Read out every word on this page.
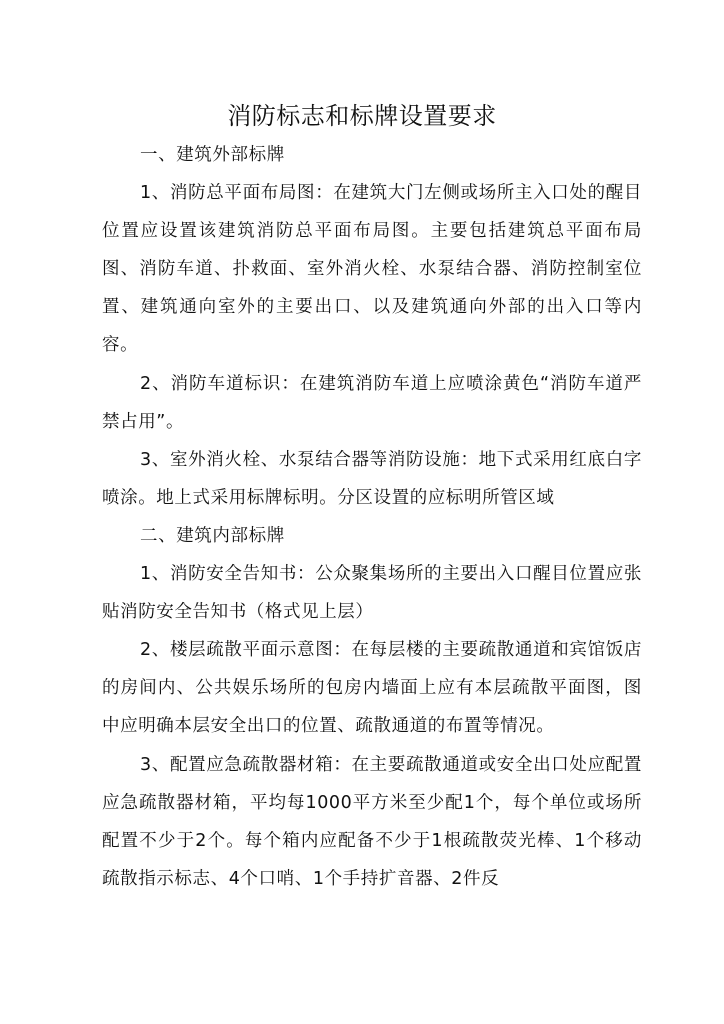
消防标志和标牌设置要求

一、建筑外部标牌

1、消防总平面布局图：在建筑大门左侧或场所主入口处的醒目位置应设置该建筑消防总平面布局图。主要包括建筑总平面布局图、消防车道、扑救面、室外消火栓、水泵结合器、消防控制室位置、建筑通向室外的主要出口、以及建筑通向外部的出入口等内容。

2、消防车道标识：在建筑消防车道上应喷涂黄色“消防车道严禁占用”。

3、室外消火栓、水泵结合器等消防设施：地下式采用红底白字喷涂。地上式采用标牌标明。分区设置的应标明所管区域

二、建筑内部标牌

1、消防安全告知书：公众聚集场所的主要出入口醒目位置应张贴消防安全告知书（格式见上层）

2、楼层疏散平面示意图：在每层楼的主要疏散通道和宾馆饭店的房间内、公共娱乐场所的包房内墙面上应有本层疏散平面图，图中应明确本层安全出口的位置、疏散通道的布置等情况。

3、配置应急疏散器材箱：在主要疏散通道或安全出口处应配置应急疏散器材箱，平均每1000平方米至少配1个，每个单位或场所配置不少于2个。每个箱内应配备不少于1根疏散荧光棒、1个移动疏散指示标志、4个口哨、1个手持扩音器、2件反
